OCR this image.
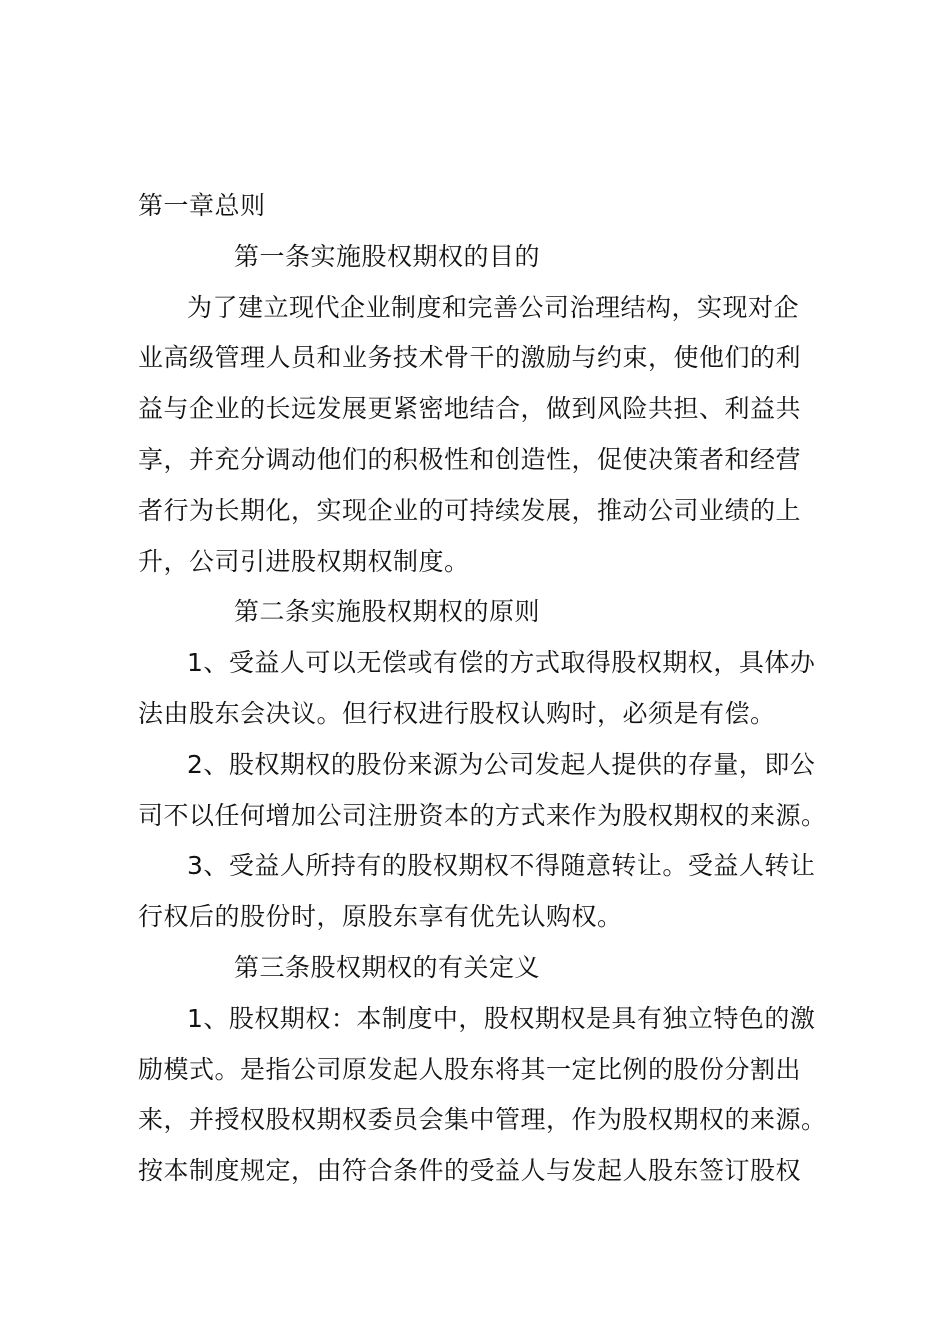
第一章总则
第一条实施股权期权的目的
为了建立现代企业制度和完善公司治理结构，实现对企
业高级管理人员和业务技术骨干的激励与约束，使他们的利
益与企业的长远发展更紧密地结合，做到风险共担、利益共
享，并充分调动他们的积极性和创造性，促使决策者和经营
者行为长期化，实现企业的可持续发展，推动公司业绩的上
升，公司引进股权期权制度。
第二条实施股权期权的原则
1、受益人可以无偿或有偿的方式取得股权期权，具体办
法由股东会决议。但行权进行股权认购时，必须是有偿。
2、股权期权的股份来源为公司发起人提供的存量，即公
司不以任何增加公司注册资本的方式来作为股权期权的来源。
3、受益人所持有的股权期权不得随意转让。受益人转让
行权后的股份时，原股东享有优先认购权。
第三条股权期权的有关定义
1、股权期权：本制度中，股权期权是具有独立特色的激
励模式。是指公司原发起人股东将其一定比例的股份分割出
来，并授权股权期权委员会集中管理，作为股权期权的来源。
按本制度规定，由符合条件的受益人与发起人股东签订股权
